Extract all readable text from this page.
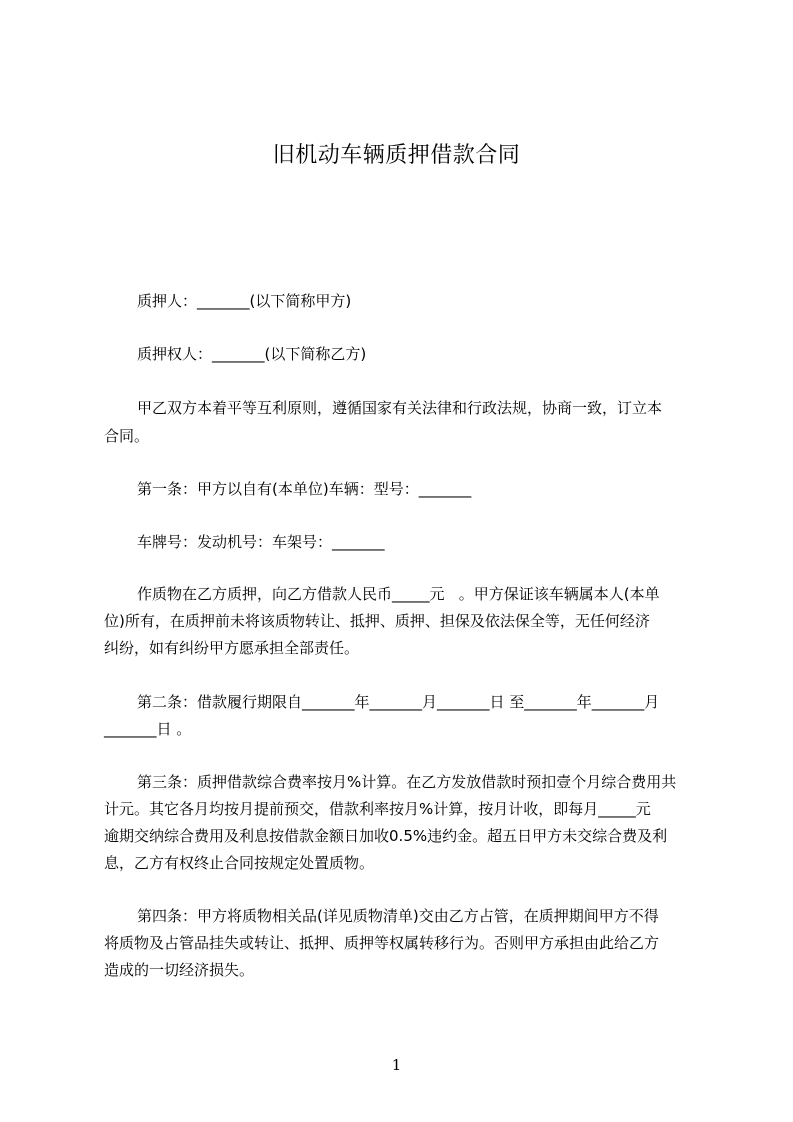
旧机动车辆质押借款合同
质押人：_______(以下简称甲方)
质押权人：_______(以下简称乙方)
甲乙双方本着平等互利原则，遵循国家有关法律和行政法规，协商一致，订立本
合同。
第一条：甲方以自有(本单位)车辆：型号：_______
车牌号：发动机号：车架号：_______
作质物在乙方质押，向乙方借款人民币_____元   。甲方保证该车辆属本人(本单
位)所有，在质押前未将该质物转让、抵押、质押、担保及依法保全等，无任何经济
纠纷，如有纠纷甲方愿承担全部责任。
第二条：借款履行期限自_______年_______月_______日 至_______年_______月
_______日 。
第三条：质押借款综合费率按月%计算。在乙方发放借款时预扣壹个月综合费用共
计元。其它各月均按月提前预交，借款利率按月%计算，按月计收，即每月_____元
逾期交纳综合费用及利息按借款金额日加收0.5%违约金。超五日甲方未交综合费及利
息，乙方有权终止合同按规定处置质物。
第四条：甲方将质物相关品(详见质物清单)交由乙方占管，在质押期间甲方不得
将质物及占管品挂失或转让、抵押、质押等权属转移行为。否则甲方承担由此给乙方
造成的一切经济损失。
1
